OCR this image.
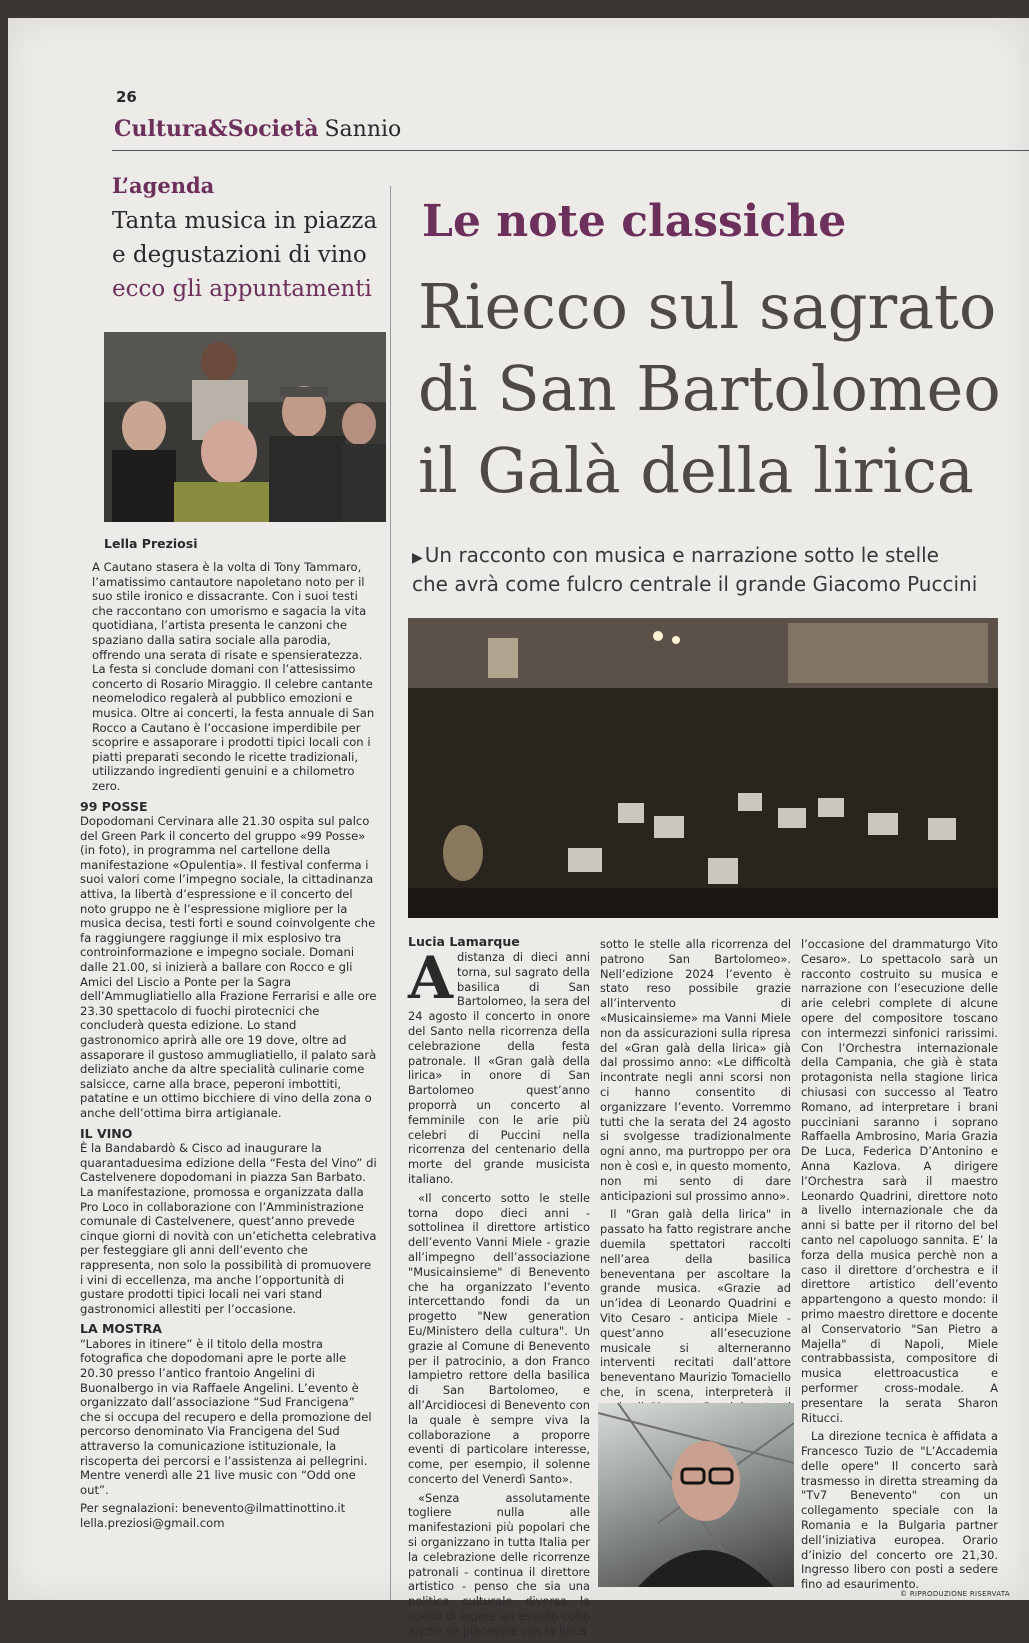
26
Cultura&Società Sannio
L’agenda
Tanta musica in piazza
e degustazioni di vino
ecco gli appuntamenti
Lella Preziosi

A Cautano stasera è la volta di Tony Tammaro, l’amatissimo cantautore napoletano noto per il suo stile ironico e dissacrante. Con i suoi testi che raccontano con umorismo e sagacia la vita quotidiana, l’artista presenta le canzoni che spaziano dalla satira sociale alla parodia, offrendo una serata di risate e spensieratezza. La festa si conclude domani con l’attesissimo concerto di Rosario Miraggio. Il celebre cantante neomelodico regalerà al pubblico emozioni e musica. Oltre ai concerti, la festa annuale di San Rocco a Cautano è l’occasione imperdibile per scoprire e assaporare i prodotti tipici locali con i piatti preparati secondo le ricette tradizionali, utilizzando ingredienti genuini e a chilometro zero.

99 POSSE

Dopodomani Cervinara alle 21.30 ospita sul palco del Green Park il concerto del gruppo «99 Posse» (in foto), in programma nel cartellone della manifestazione «Opulentia». Il festival conferma i suoi valori come l’impegno sociale, la cittadinanza attiva, la libertà d’espressione e il concerto del noto gruppo ne è l’espressione migliore per la musica decisa, testi forti e sound coinvolgente che fa raggiungere raggiunge il mix esplosivo tra controinformazione e impegno sociale. Domani dalle 21.00, si inizierà a ballare con Rocco e gli Amici del Liscio a Ponte per la Sagra dell’Ammugliatiello alla Frazione Ferrarisi e alle ore 23.30 spettacolo di fuochi pirotecnici che concluderà questa edizione. Lo stand gastronomico aprirà alle ore 19 dove, oltre ad assaporare il gustoso ammugliatiello, il palato sarà deliziato anche da altre specialità culinarie come salsicce, carne alla brace, peperoni imbottiti, patatine e un ottimo bicchiere di vino della zona o anche dell’ottima birra artigianale.

IL VINO

È la Bandabardò & Cisco ad inaugurare la quarantaduesima edizione della “Festa del Vino” di Castelvenere dopodomani in piazza San Barbato. La manifestazione, promossa e organizzata dalla Pro Loco in collaborazione con l’Amministrazione comunale di Castelvenere, quest’anno prevede cinque giorni di novità con un’etichetta celebrativa per festeggiare gli anni dell’evento che rappresenta, non solo la possibilità di promuovere i vini di eccellenza, ma anche l’opportunità di gustare prodotti tipici locali nei vari stand gastronomici allestiti per l’occasione.

LA MOSTRA

“Labores in itinere” è il titolo della mostra fotografica che dopodomani apre le porte alle 20.30 presso l’antico frantoio Angelini di Buonalbergo in via Raffaele Angelini. L’evento è organizzato dall’associazione “Sud Francigena” che si occupa del recupero e della promozione del percorso denominato Via Francigena del Sud attraverso la comunicazione istituzionale, la riscoperta dei percorsi e l’assistenza ai pellegrini. Mentre venerdì alle 21 live music con “Odd one out”.

Per segnalazioni: benevento@ilmattinottino.it
lella.preziosi@gmail.com
Le note classiche
Riecco sul sagrato
di San Bartolomeo
il Galà della lirica
▶ Un racconto con musica e narrazione sotto le stelle
che avrà come fulcro centrale il grande Giacomo Puccini
Lucia Lamarque

Adistanza di dieci anni torna, sul sagrato della basilica di San Bartolomeo, la sera del 24 agosto il concerto in onore del Santo nella ricorrenza della celebrazione della festa patronale. Il «Gran galà della lirica» in onore di San Bartolomeo quest’anno proporrà un concerto al femminile con le arie più celebri di Puccini nella ricorrenza del centenario della morte del grande musicista italiano.

«Il concerto sotto le stelle torna dopo dieci anni - sottolinea il direttore artistico dell’evento Vanni Miele - grazie all’impegno dell’associazione "Musicainsieme" di Benevento che ha organizzato l’evento intercettando fondi da un progetto "New generation Eu/Ministero della cultura". Un grazie al Comune di Benevento per il patrocinio, a don Franco Iampietro rettore della basilica di San Bartolomeo, e all’Arcidiocesi di Benevento con la quale è sempre viva la collaborazione a proporre eventi di particolare interesse, come, per esempio, il solenne concerto del Venerdì Santo».

«Senza assolutamente togliere nulla alle manifestazioni più popolari che si organizzano in tutta Italia per la celebrazione delle ricorrenze patronali - continua il direttore artistico - penso che sia una politica culturale diversa la scelta di legare un evento colto anche se piacevole con la lirica

sotto le stelle alla ricorrenza del patrono San Bartolomeo». Nell’edizione 2024 l’evento è stato reso possibile grazie all’intervento di «Musicainsieme» ma Vanni Miele non da assicurazioni sulla ripresa del «Gran galà della lirica» già dal prossimo anno: «Le difficoltà incontrate negli anni scorsi non ci hanno consentito di organizzare l’evento. Vorremmo tutti che la serata del 24 agosto si svolgesse tradizionalmente ogni anno, ma purtroppo per ora non è così e, in questo momento, non mi sento di dare anticipazioni sul prossimo anno».

Il "Gran galà della lirica" in passato ha fatto registrare anche duemila spettatori raccolti nell’area della basilica beneventana per ascoltare la grande musica. «Grazie ad un’idea di Leonardo Quadrini e Vito Cesaro - anticipa Miele - quest’anno all’esecuzione musicale si alterneranno interventi recitati dall’attore beneventano Maurizio Tomaciello che, in scena, interpreterà il

l’occasione del drammaturgo Vito Cesaro». Lo spettacolo sarà un racconto costruito su musica e narrazione con l’esecuzione delle arie celebri complete di alcune opere del compositore toscano con intermezzi sinfonici rarissimi. Con l’Orchestra internazionale della Campania, che già è stata protagonista nella stagione lirica chiusasi con successo al Teatro Romano, ad interpretare i brani pucciniani saranno i soprano Raffaella Ambrosino, Maria Grazia De Luca, Federica D’Antonino e Anna Kazlova. A dirigere l’Orchestra sarà il maestro Leonardo Quadrini, direttore noto a livello internazionale che da anni si batte per il ritorno del bel canto nel capoluogo sannita. E’ la forza della musica perchè non a caso il direttore d’orchestra e il direttore artistico dell’evento appartengono a questo mondo: il primo maestro direttore e docente al Conservatorio "San Pietro a Majella" di Napoli, Miele contrabbassista, compositore di musica elettroacustica e performer cross-modale. A presentare la serata Sharon Ritucci.

La direzione tecnica è affidata a Francesco Tuzio de "L’Accademia delle opere" Il concerto sarà trasmesso in diretta streaming da "Tv7 Benevento" con un collegamento speciale con la Romania e la Bulgaria partner dell’iniziativa europea. Orario d’inizio del concerto ore 21,30. Ingresso libero con posti a sedere fino ad esaurimento.

© RIPRODUZIONE RISERVATA
